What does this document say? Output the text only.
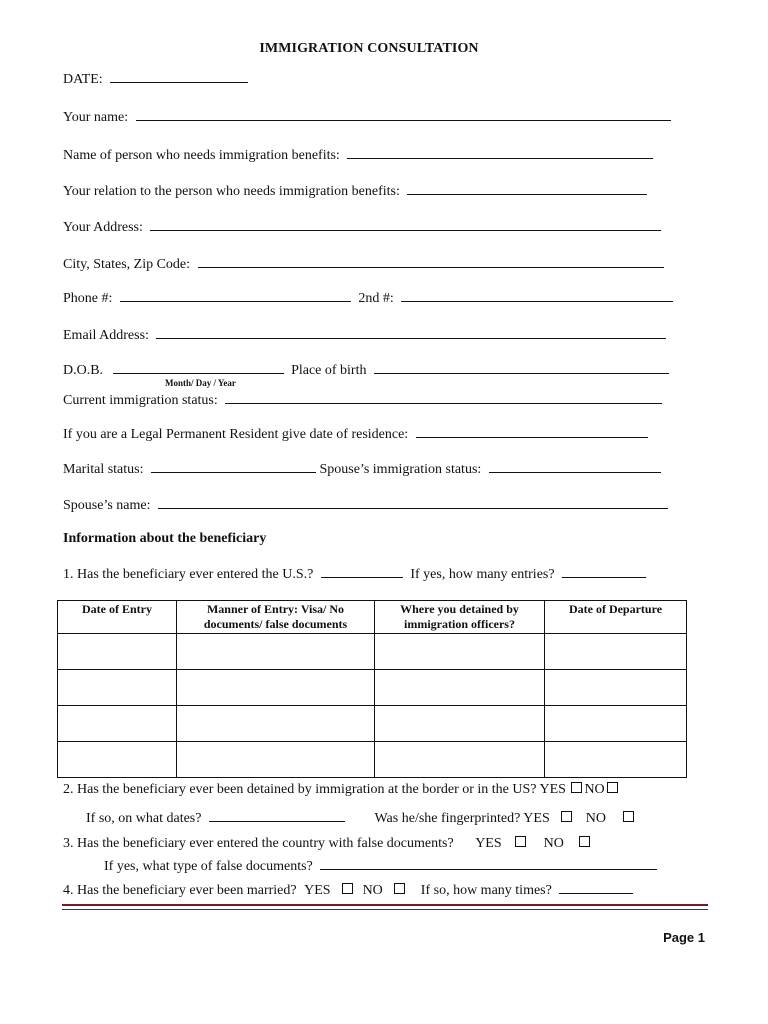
IMMIGRATION CONSULTATION
DATE:
Your name:
Name of person who needs immigration benefits:
Your relation to the person who needs immigration benefits:
Your Address:
City, States, Zip Code:
Phone #:	2nd #:
Email Address:
D.O.B.	Place of birth
Month/ Day / Year
Current immigration status:
If you are a Legal Permanent Resident give date of residence:
Marital status:	Spouse’s immigration status:
Spouse’s name:
Information about the beneficiary
1. Has the beneficiary ever entered the U.S.?	If yes, how many entries?
Date of Entry	Manner of Entry: Visa/ No documents/ false documents	Where you detained by immigration officers?	Date of Departure

2. Has the beneficiary ever been detained by immigration at the border or in the US? YES NO
If so, on what dates?	Was he/she fingerprinted? YES	NO
3. Has the beneficiary ever entered the country with false documents? YES	NO
If yes, what type of false documents?
4. Has the beneficiary ever been married? YES NO	If so, how many times?
Page 1
